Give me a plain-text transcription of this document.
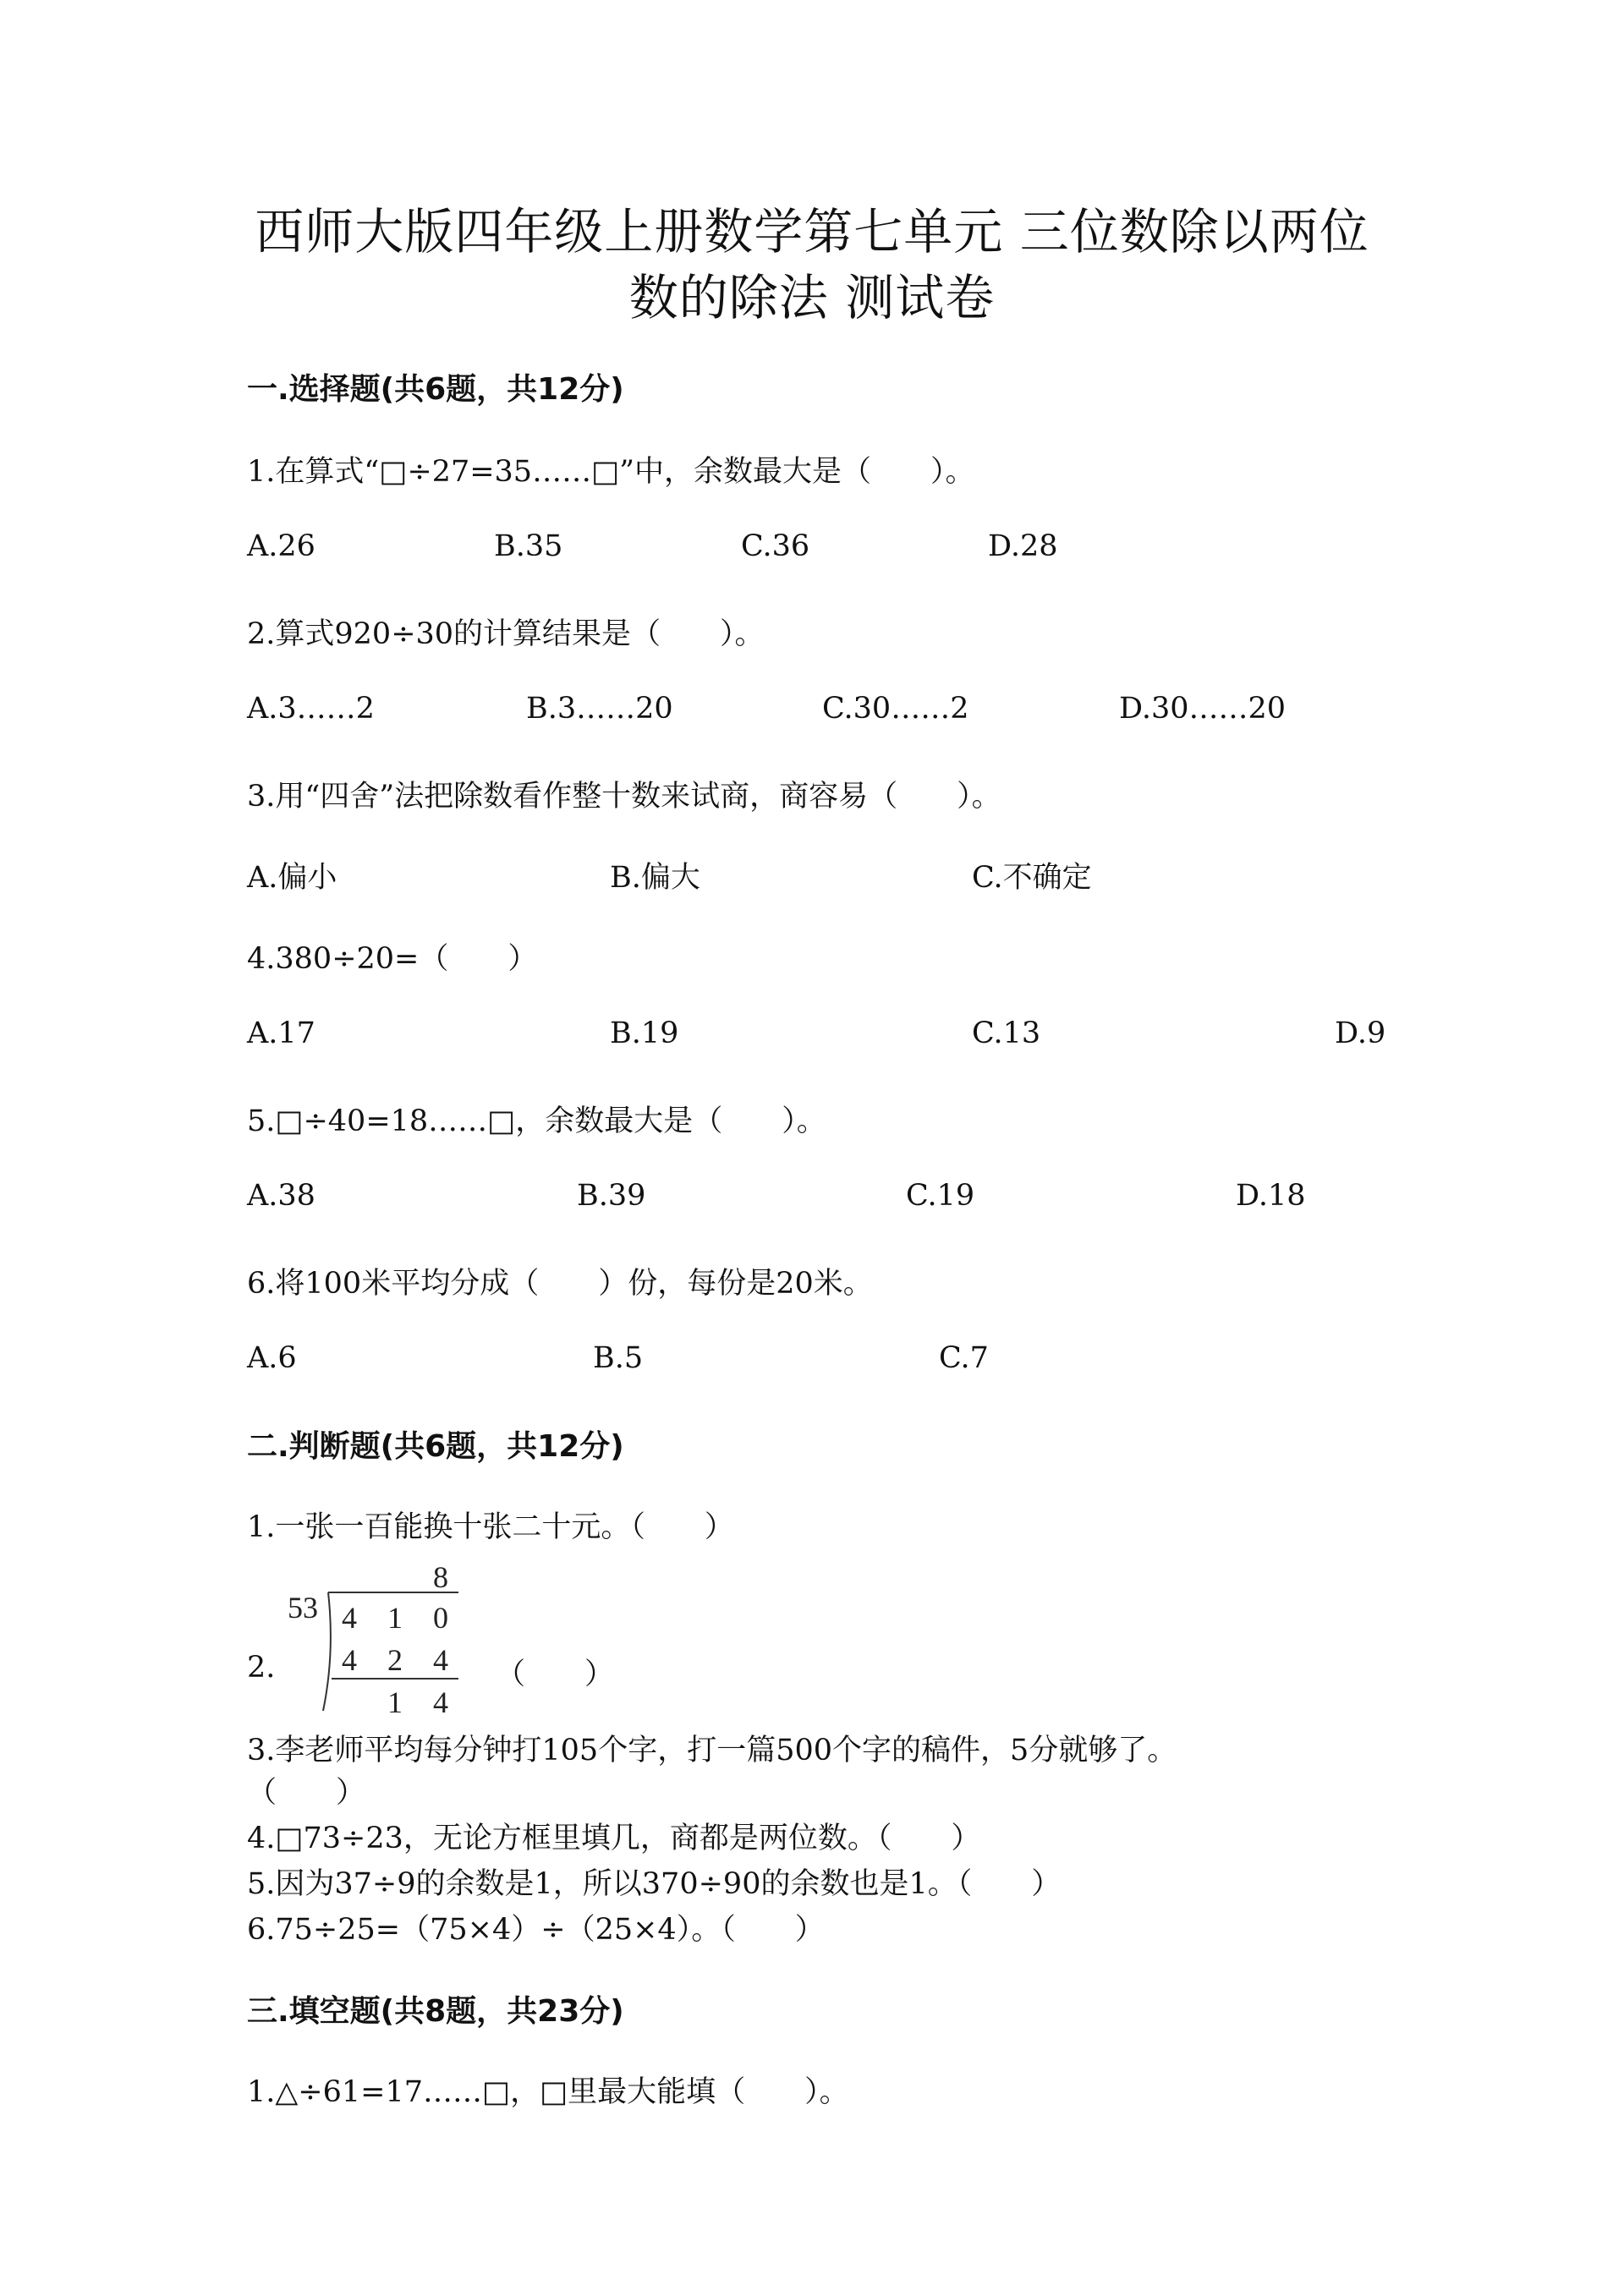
西师大版四年级上册数学第七单元 三位数除以两位
数的除法 测试卷
一.选择题(共6题，共12分)
1.在算式“□÷27=35……□”中，余数最大是（　　）。
A.26	B.35	C.36	D.28
2.算式920÷30的计算结果是（　　）。
A.3……2	B.3……20	C.30……2	D.30……20
3.用“四舍”法把除数看作整十数来试商，商容易（　　）。
A.偏小	B.偏大	C.不确定
4.380÷20=（　　）
A.17	B.19	C.13	D.9
5.□÷40=18……□，余数最大是（　　）。
A.38	B.39	C.19	D.18
6.将100米平均分成（　　）份，每份是20米。
A.6	B.5	C.7
二.判断题(共6题，共12分)
1.一张一百能换十张二十元。（　　）
2.
8
53 4 1 0
4 2 4
1 4
（　　）
3.李老师平均每分钟打105个字，打一篇500个字的稿件，5分就够了。
（　　）
4.□73÷23，无论方框里填几，商都是两位数。（　　）
5.因为37÷9的余数是1，所以370÷90的余数也是1。（　　）
6.75÷25=（75×4）÷（25×4）。（　　）
三.填空题(共8题，共23分)
1.△÷61=17……□，□里最大能填（　　）。
